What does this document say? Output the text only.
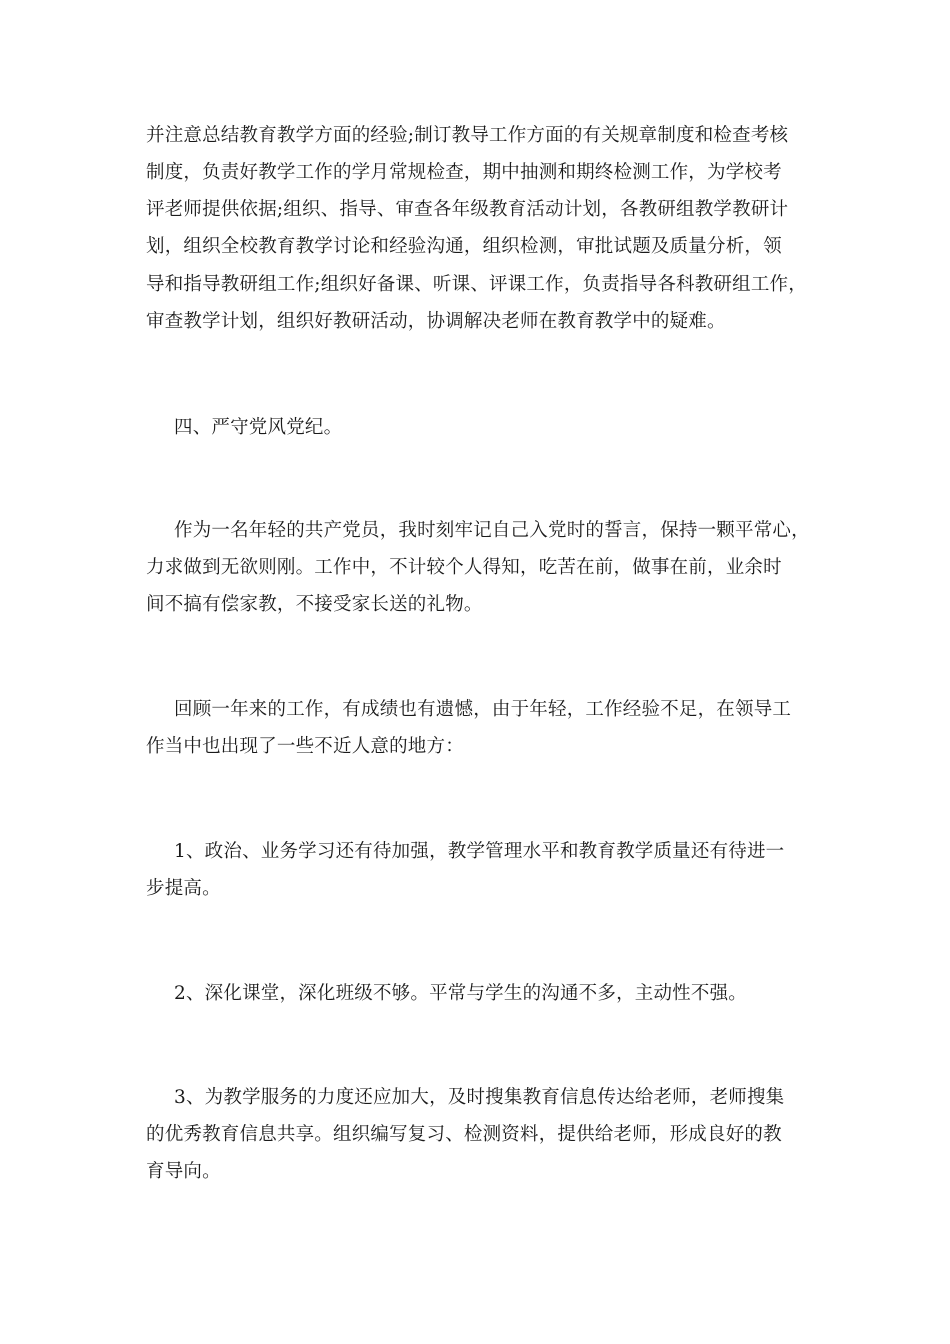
并注意总结教育教学方面的经验;制订教导工作方面的有关规章制度和检查考核
制度，负责好教学工作的学月常规检查，期中抽测和期终检测工作，为学校考
评老师提供依据;组织、指导、审查各年级教育活动计划，各教研组教学教研计
划，组织全校教育教学讨论和经验沟通，组织检测，审批试题及质量分析，领
导和指导教研组工作;组织好备课、听课、评课工作，负责指导各科教研组工作，
审查教学计划，组织好教研活动，协调解决老师在教育教学中的疑难。
四、严守党风党纪。
作为一名年轻的共产党员，我时刻牢记自己入党时的誓言，保持一颗平常心，
力求做到无欲则刚。工作中，不计较个人得知，吃苦在前，做事在前，业余时
间不搞有偿家教，不接受家长送的礼物。
回顾一年来的工作，有成绩也有遗憾，由于年轻，工作经验不足，在领导工
作当中也出现了一些不近人意的地方：
1、政治、业务学习还有待加强，教学管理水平和教育教学质量还有待进一
步提高。
2、深化课堂，深化班级不够。平常与学生的沟通不多，主动性不强。
3、为教学服务的力度还应加大，及时搜集教育信息传达给老师，老师搜集
的优秀教育信息共享。组织编写复习、检测资料，提供给老师，形成良好的教
育导向。
